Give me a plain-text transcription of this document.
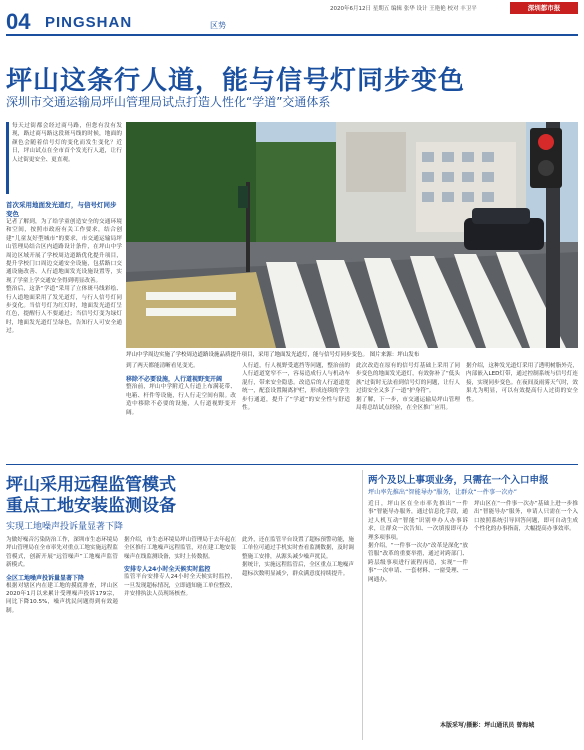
04 PINGSHAN	区势
2020年6月12日 星期五 编辑 张华 设计 王艳艳 校对 丰卫平	深圳都市报
坪山这条行人道，能与信号灯同步变色
深圳市交通运输局坪山管理局试点打造人性化“学道”交通体系
每天过街都会经过商马路，但您有没有发现，路过商马路这段斑马线的时候，地面的颜色会随着信号灯的变化而发生变化？近日，坪山试点在全市首个发光行人道，让行人过街更安全、更直观。
首次采用地面发光道灯，与信号灯同步变色
记者了解到，为了给学童创造安全的交通环境和空间，按照市政府有关工作要求，结合创建“儿童友好型城市”的要求，市交通运输局坪山管理局结合区内道路设计条件，在坪山中学周边区域开展了学校周边道路优化提升项目，提升学校门口周边交通安全设施，包括路口交通设施改善、人行道地面发光设施设置等，实现了学童上学交通安全得到明显改善。
整治后，这条“学道”采用了立体斑马线彩绘、行人道地面采用了发光道灯，与行人信号灯同步变化。当信号灯为红灯时，地面发光道灯呈红色，提醒行人不要通过；当信号灯变为绿灯时，地面发光道灯呈绿色，告知行人可安全通过。
坪山中学周边实施了学校周边道路设施品质提升项目，采用了地面发光道灯，能与信号灯同步变色。 图片来源：坪山发布
到了两天都能清晰看见变光。
移除不必要设施，人行道视野变开阔
整治前，坪山中学附近人行道上布满花带、电箱、杆件等设施，行人行走空间有限。改造中移除不必要的设施，人行道视野变开阔。
人行道，行人视野受遮挡等问题，整治前的人行道道宽窄不一，容易造成行人与机动车混行，带来安全隐患。改造后的人行道道宽统一，配套设置隔离护栏，形成连续的学生步行通道，提升了“学道”的安全性与舒适性。
此次改造在原有的信号灯基础上采用了同步变色的地面发光道灯，有效弥补了“低头族”过街时无法看到信号灯的问题，让行人过街安全又多了一道“护身符”。
据了解，下一步，市交通运输局坪山管理局将总结试点经验，在全区推广应用。
据介绍，这种发光道灯采用了透明树脂外壳，内部嵌入LED灯带，通过控制系统与信号灯连接，实现同步变色。在夜间及雨雾天气时，效果尤为明显，可以有效提高行人过街的安全性。
坪山采用远程监管模式
重点工地安装监测设备
实现工地噪声投诉量显著下降
为做好噪音污染防治工作，深圳市生态环境局坪山管理局在全市率先对重点工地实施远程监管模式，创新开展“远管噪声”工地噪声监管新模式。
全区工地噪声投诉量显著下降
根据对辖区内在建工地的摸底排查，坪山区2020年1月以来累计受理噪声投诉179宗，同比下降10.5%，噪声扰民问题得到有效遏制。
据介绍，市生态环境局坪山管理局于去年起在全区推行工地噪声远程监管，对在建工地安装噪声在线监测设备，实时上传数据。
安排专人24小时全天候实时监控
监管平台安排专人24小时全天候实时监控，一旦发现超标情况，立即通知施工单位整改，并安排执法人员现场核查。
此外，还在监管平台设置了超标预警功能，施工单位可通过手机实时查看监测数据，及时调整施工安排，从源头减少噪声扰民。
据统计，实施远程监管后，全区重点工地噪声超标次数明显减少，群众满意度持续提升。
两个及以上事项业务，只需在一个入口申报
坪山率先推出“智能导办”服务，让群众“一件事一次办”
近日，坪山区在全市率先推出“一件事”智能导办服务，通过信息化手段，通过人机互动“智能”识别申办人办事诉求，让群众一次告知、一次填报即可办理多项事项。
据介绍，“一件事一次办”改革是深化“放管服”改革的重要举措，通过对跨部门、跨层级事项进行流程再造，实现“一件事”一次申请、一套材料、一窗受理、一网通办。
坪山区在“一件事一次办”基础上进一步推出“智能导办”服务，申请人只需在一个入口按照系统引导回答问题，即可自动生成个性化的办事指南，大幅提高办事效率。
本版采写/摄影：坪山通讯员 曾海城
